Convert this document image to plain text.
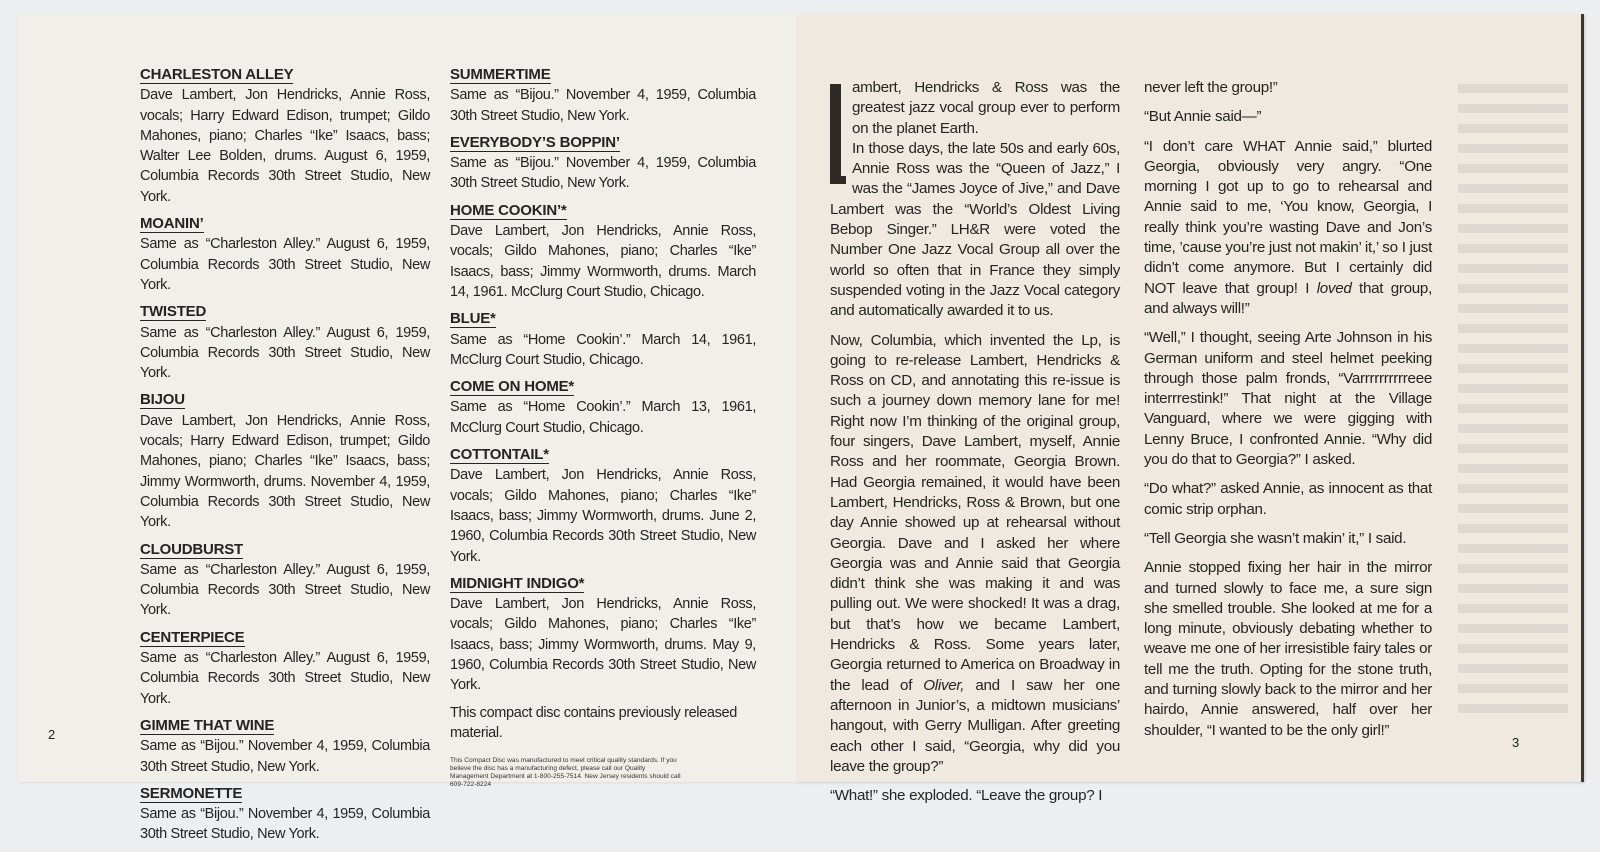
CHARLESTON ALLEY
Dave Lambert, Jon Hendricks, Annie Ross, vocals; Harry Edward Edison, trumpet; Gildo Mahones, piano; Charles “Ike” Isaacs, bass; Walter Lee Bolden, drums. August 6, 1959, Columbia Records 30th Street Studio, New York.
MOANIN’
Same as “Charleston Alley.” August 6, 1959, Columbia Records 30th Street Studio, New York.
TWISTED
Same as “Charleston Alley.” August 6, 1959, Columbia Records 30th Street Studio, New York.
BIJOU
Dave Lambert, Jon Hendricks, Annie Ross, vocals; Harry Edward Edison, trumpet; Gildo Mahones, piano; Charles “Ike” Isaacs, bass; Jimmy Wormworth, drums. November 4, 1959, Columbia Records 30th Street Studio, New York.
CLOUDBURST
Same as “Charleston Alley.” August 6, 1959, Columbia Records 30th Street Studio, New York.
CENTERPIECE
Same as “Charleston Alley.” August 6, 1959, Columbia Records 30th Street Studio, New York.
GIMME THAT WINE
Same as “Bijou.” November 4, 1959, Columbia 30th Street Studio, New York.
SERMONETTE
Same as “Bijou.” November 4, 1959, Columbia 30th Street Studio, New York.
SUMMERTIME
Same as “Bijou.” November 4, 1959, Columbia 30th Street Studio, New York.
EVERYBODY’S BOPPIN’
Same as “Bijou.” November 4, 1959, Columbia 30th Street Studio, New York.
HOME COOKIN’*
Dave Lambert, Jon Hendricks, Annie Ross, vocals; Gildo Mahones, piano; Charles “Ike” Isaacs, bass; Jimmy Wormworth, drums. March 14, 1961. McClurg Court Studio, Chicago.
BLUE*
Same as “Home Cookin’.” March 14, 1961, McClurg Court Studio, Chicago.
COME ON HOME*
Same as “Home Cookin’.” March 13, 1961, McClurg Court Studio, Chicago.
COTTONTAIL*
Dave Lambert, Jon Hendricks, Annie Ross, vocals; Gildo Mahones, piano; Charles “Ike” Isaacs, bass; Jimmy Wormworth, drums. June 2, 1960, Columbia Records 30th Street Studio, New York.
MIDNIGHT INDIGO*
Dave Lambert, Jon Hendricks, Annie Ross, vocals; Gildo Mahones, piano; Charles “Ike” Isaacs, bass; Jimmy Wormworth, drums. May 9, 1960, Columbia Records 30th Street Studio, New York.
This compact disc contains previously released material.
This Compact Disc was manufactured to meet critical quality standards. If you believe the disc has a manufacturing defect, please call our Quality Management Department at 1-800-255-7514. New Jersey residents should call 609-722-8224
2

ambert, Hendricks & Ross was the greatest jazz vocal group ever to perform on the planet Earth.
In those days, the late 50s and early 60s, Annie Ross was the “Queen of Jazz,” I was the “James Joyce of Jive,” and Dave Lambert was the “World’s Oldest Living Bebop Singer.” LH&R were voted the Number One Jazz Vocal Group all over the world so often that in France they simply suspended voting in the Jazz Vocal category and automatically awarded it to us.

Now, Columbia, which invented the Lp, is going to re-release Lambert, Hendricks & Ross on CD, and annotating this re-issue is such a journey down memory lane for me! Right now I’m thinking of the original group, four singers, Dave Lambert, myself, Annie Ross and her roommate, Georgia Brown. Had Georgia remained, it would have been Lambert, Hendricks, Ross & Brown, but one day Annie showed up at rehearsal without Georgia. Dave and I asked her where Georgia was and Annie said that Georgia didn’t think she was making it and was pulling out. We were shocked! It was a drag, but that’s how we became Lambert, Hendricks & Ross. Some years later, Georgia returned to America on Broadway in the lead of Oliver, and I saw her one afternoon in Junior’s, a midtown musicians’ hangout, with Gerry Mulligan. After greeting each other I said, “Georgia, why did you leave the group?”

“What!” she exploded. “Leave the group? I

never left the group!”

“But Annie said—”

“I don’t care WHAT Annie said,” blurted Georgia, obviously very angry. “One morning I got up to go to rehearsal and Annie said to me, ‘You know, Georgia, I really think you’re wasting Dave and Jon’s time, ’cause you’re just not makin’ it,’ so I just didn’t come anymore. But I certainly did NOT leave that group! I loved that group, and always will!”

“Well,” I thought, seeing Arte Johnson in his German uniform and steel helmet peeking through those palm fronds, “Varrrrrrrrrreee interrrestink!” That night at the Village Vanguard, where we were gigging with Lenny Bruce, I confronted Annie. “Why did you do that to Georgia?” I asked.

“Do what?” asked Annie, as innocent as that comic strip orphan.

“Tell Georgia she wasn’t makin’ it,” I said.

Annie stopped fixing her hair in the mirror and turned slowly to face me, a sure sign she smelled trouble. She looked at me for a long minute, obviously debating whether to weave me one of her irresistible fairy tales or tell me the truth. Opting for the stone truth, and turning slowly back to the mirror and her hairdo, Annie answered, half over her shoulder, “I wanted to be the only girl!”

3
